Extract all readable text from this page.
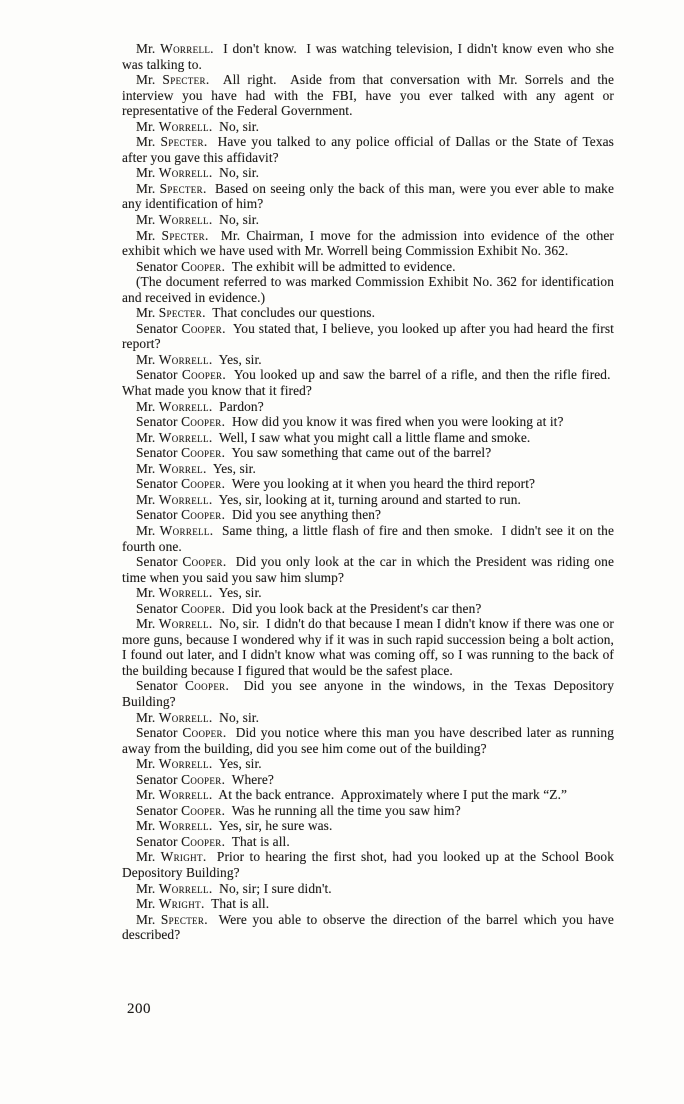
Mr. Worrell.  I don't know.  I was watching television, I didn't know even who she was talking to.

Mr. Specter.  All right.  Aside from that conversation with Mr. Sorrels and the interview you have had with the FBI, have you ever talked with any agent or representative of the Federal Government.

Mr. Worrell.  No, sir.

Mr. Specter.  Have you talked to any police official of Dallas or the State of Texas after you gave this affidavit?

Mr. Worrell.  No, sir.

Mr. Specter.  Based on seeing only the back of this man, were you ever able to make any identification of him?

Mr. Worrell.  No, sir.

Mr. Specter.  Mr. Chairman, I move for the admission into evidence of the other exhibit which we have used with Mr. Worrell being Commission Exhibit No. 362.

Senator Cooper.  The exhibit will be admitted to evidence.

(The document referred to was marked Commission Exhibit No. 362 for identification and received in evidence.)

Mr. Specter.  That concludes our questions.

Senator Cooper.  You stated that, I believe, you looked up after you had heard the first report?

Mr. Worrell.  Yes, sir.

Senator Cooper.  You looked up and saw the barrel of a rifle, and then the rifle fired.  What made you know that it fired?

Mr. Worrell.  Pardon?

Senator Cooper.  How did you know it was fired when you were looking at it?

Mr. Worrell.  Well, I saw what you might call a little flame and smoke.

Senator Cooper.  You saw something that came out of the barrel?

Mr. Worrel.  Yes, sir.

Senator Cooper.  Were you looking at it when you heard the third report?

Mr. Worrell.  Yes, sir, looking at it, turning around and started to run.

Senator Cooper.  Did you see anything then?

Mr. Worrell.  Same thing, a little flash of fire and then smoke.  I didn't see it on the fourth one.

Senator Cooper.  Did you only look at the car in which the President was riding one time when you said you saw him slump?

Mr. Worrell.  Yes, sir.

Senator Cooper.  Did you look back at the President's car then?

Mr. Worrell.  No, sir.  I didn't do that because I mean I didn't know if there was one or more guns, because I wondered why if it was in such rapid succession being a bolt action, I found out later, and I didn't know what was coming off, so I was running to the back of the building because I figured that would be the safest place.

Senator Cooper.  Did you see anyone in the windows, in the Texas Depository Building?

Mr. Worrell.  No, sir.

Senator Cooper.  Did you notice where this man you have described later as running away from the building, did you see him come out of the building?

Mr. Worrell.  Yes, sir.

Senator Cooper.  Where?

Mr. Worrell.  At the back entrance.  Approximately where I put the mark “Z.”

Senator Cooper.  Was he running all the time you saw him?

Mr. Worrell.  Yes, sir, he sure was.

Senator Cooper.  That is all.

Mr. Wright.  Prior to hearing the first shot, had you looked up at the School Book Depository Building?

Mr. Worrell.  No, sir; I sure didn't.

Mr. Wright.  That is all.

Mr. Specter.  Were you able to observe the direction of the barrel which you have described?

200
